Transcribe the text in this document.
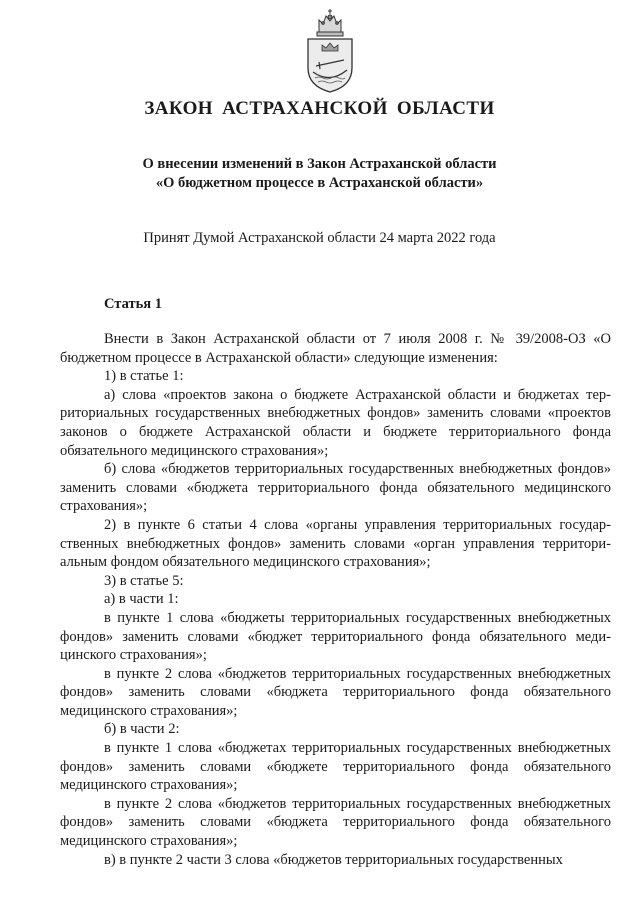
ЗАКОН АСТРАХАНСКОЙ ОБЛАСТИ
О внесении изменений в Закон Астраханской области
«О бюджетном процессе в Астраханской области»
Принят Думой Астраханской области 24 марта 2022 года
Статья 1

Внести в Закон Астраханской области от 7 июля 2008 г. № 39/2008-ОЗ «О бюджетном процессе в Астраханской области» следующие изменения:

1) в статье 1:

а) слова «проектов закона о бюджете Астраханской области и бюджетах территориальных государственных внебюджетных фондов» заменить словами «проектов законов о бюджете Астраханской области и бюджете территориального фонда обязательного медицинского страхования»;

б) слова «бюджетов территориальных государственных внебюджетных фондов» заменить словами «бюджета территориального фонда обязательного медицинского страхования»;

2) в пункте 6 статьи 4 слова «органы управления территориальных государственных внебюджетных фондов» заменить словами «орган управления территориальным фондом обязательного медицинского страхования»;

3) в статье 5:

а) в части 1:

в пункте 1 слова «бюджеты территориальных государственных внебюджетных фондов» заменить словами «бюджет территориального фонда обязательного медицинского страхования»;

в пункте 2 слова «бюджетов территориальных государственных внебюджетных фондов» заменить словами «бюджета территориального фонда обязательного медицинского страхования»;

б) в части 2:

в пункте 1 слова «бюджетах территориальных государственных внебюджетных фондов» заменить словами «бюджете территориального фонда обязательного медицинского страхования»;

в пункте 2 слова «бюджетов территориальных государственных внебюджетных фондов» заменить словами «бюджета территориального фонда обязательного медицинского страхования»;

в) в пункте 2 части 3 слова «бюджетов территориальных государственных
